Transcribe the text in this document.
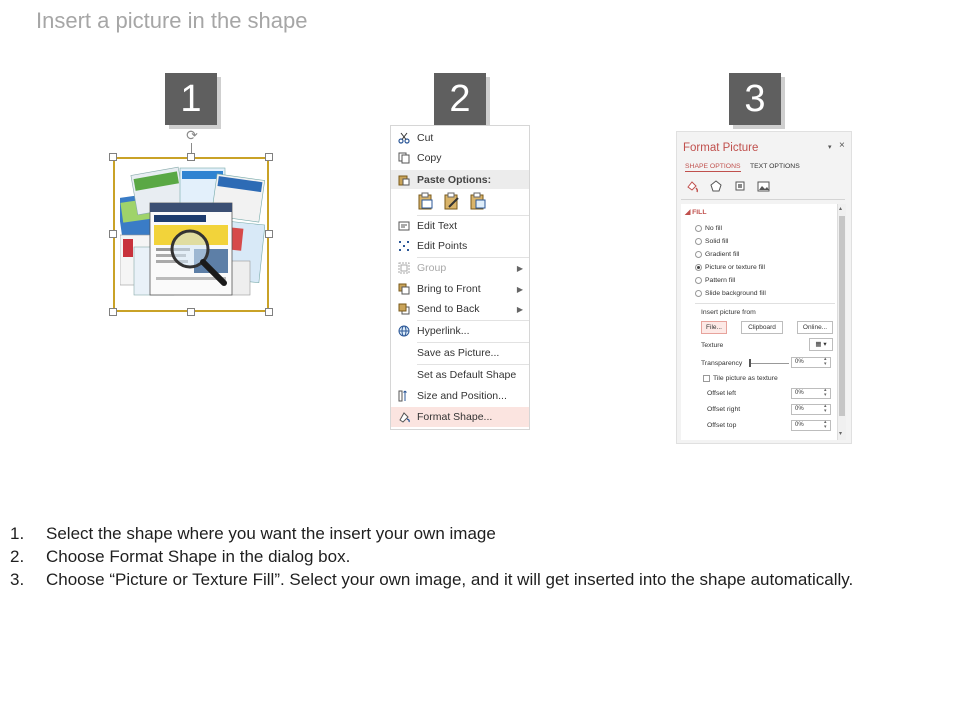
Insert a picture in the shape
1	2	3
⟳	Cut
Copy
Paste Options:
Edit Text
Edit Points
Group	▶
Bring to Front	▶
Send to Back	▶
Hyperlink...
Save as Picture...
Set as Default Shape
Size and Position...
Format Shape...
Format Picture	▾ ×
SHAPE OPTIONS TEXT OPTIONS
◢ FILL
No fill
Solid fill
Gradient fill
Picture or texture fill
Pattern fill
Slide background fill
Insert picture from
File...	Clipboard	Online...
Texture	▦ ▾
Transparency	0% ▴▾
Tile picture as texture
Offset left	0% ▴▾
Offset right	0% ▴▾
Offset top	0% ▴▾
▴
▾
1.	Select the shape where you want the insert your own image
2.	Choose Format Shape in the dialog box.
3.	Choose “Picture or Texture Fill”. Select your own image, and it will get inserted into the shape automatically.
